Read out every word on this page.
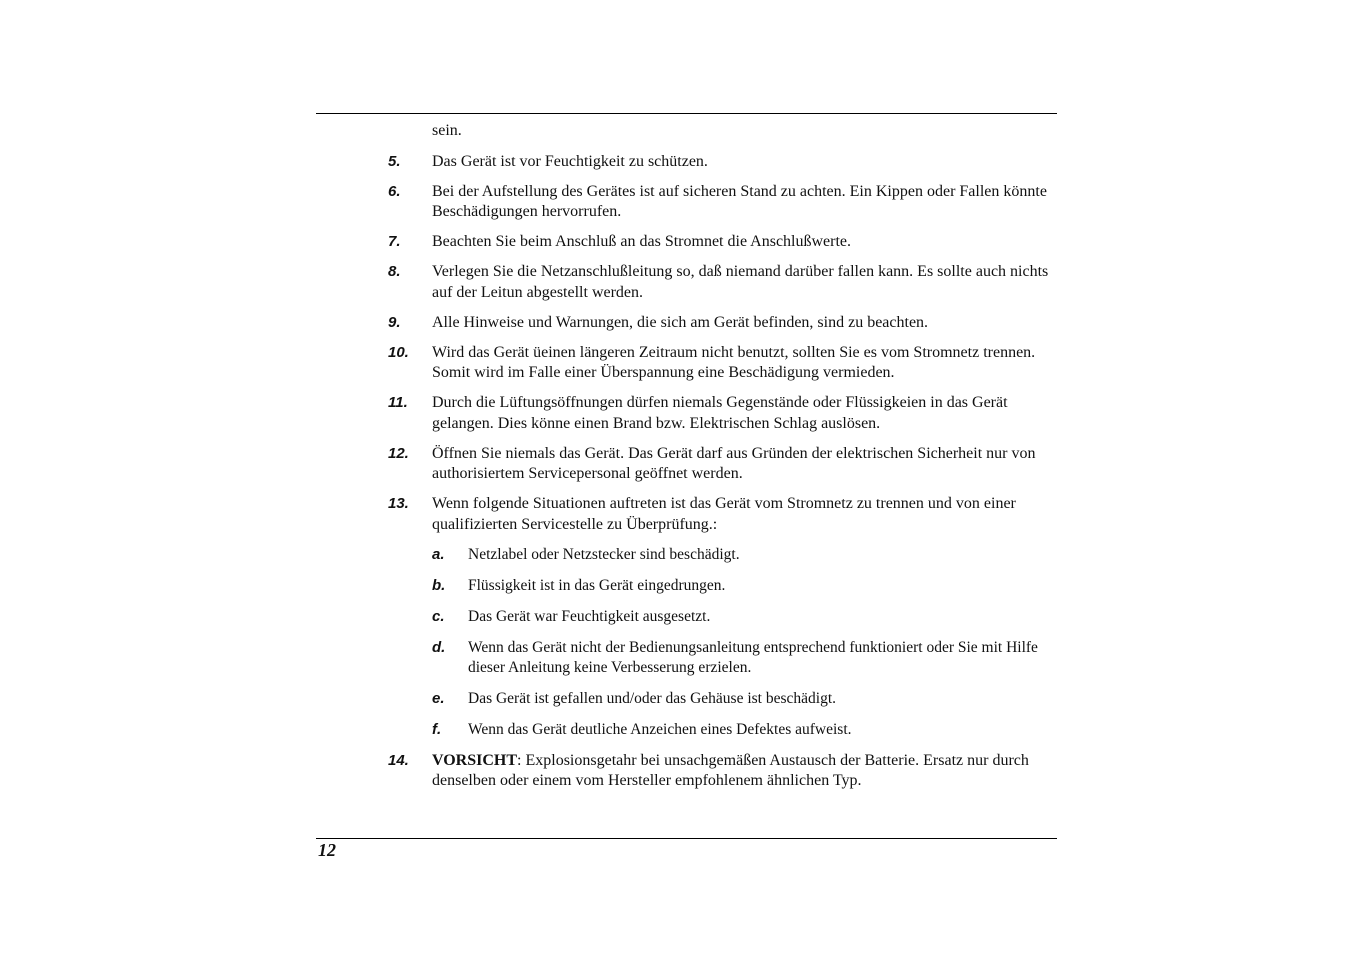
sein.
5. Das Gerät ist vor Feuchtigkeit zu schützen.
6. Bei der Aufstellung des Gerätes ist auf sicheren Stand zu achten. Ein Kippen oder Fallen könnte Beschädigungen hervorrufen.
7. Beachten Sie beim Anschluß an das Stromnet die Anschlußwerte.
8. Verlegen Sie die Netzanschlußleitung so, daß niemand darüber fallen kann. Es sollte auch nichts auf der Leitun abgestellt werden.
9. Alle Hinweise und Warnungen, die sich am Gerät befinden, sind zu beachten.
10. Wird das Gerät üeinen längeren Zeitraum nicht benutzt, sollten Sie es vom Stromnetz trennen. Somit wird im Falle einer Überspannung eine Beschädigung vermieden.
11. Durch die Lüftungsöffnungen dürfen niemals Gegenstände oder Flüssigkeien in das Gerät gelangen. Dies könne einen Brand bzw. Elektrischen Schlag auslösen.
12. Öffnen Sie niemals das Gerät. Das Gerät darf aus Gründen der elektrischen Sicherheit nur von authorisiertem Servicepersonal geöffnet werden.
13. Wenn folgende Situationen auftreten ist das Gerät vom Stromnetz zu trennen und von einer qualifizierten Servicestelle zu Überprüfung.:
a. Netzlabel oder Netzstecker sind beschädigt.
b. Flüssigkeit ist in das Gerät eingedrungen.
c. Das Gerät war Feuchtigkeit ausgesetzt.
d. Wenn das Gerät nicht der Bedienungsanleitung entsprechend funktioniert oder Sie mit Hilfe dieser Anleitung keine Verbesserung erzielen.
e. Das Gerät ist gefallen und/oder das Gehäuse ist beschädigt.
f. Wenn das Gerät deutliche Anzeichen eines Defektes aufweist.
14. VORSICHT: Explosionsgetahr bei unsachgemäßen Austausch der Batterie. Ersatz nur durch denselben oder einem vom Hersteller empfohlenem ähnlichen Typ.
12
